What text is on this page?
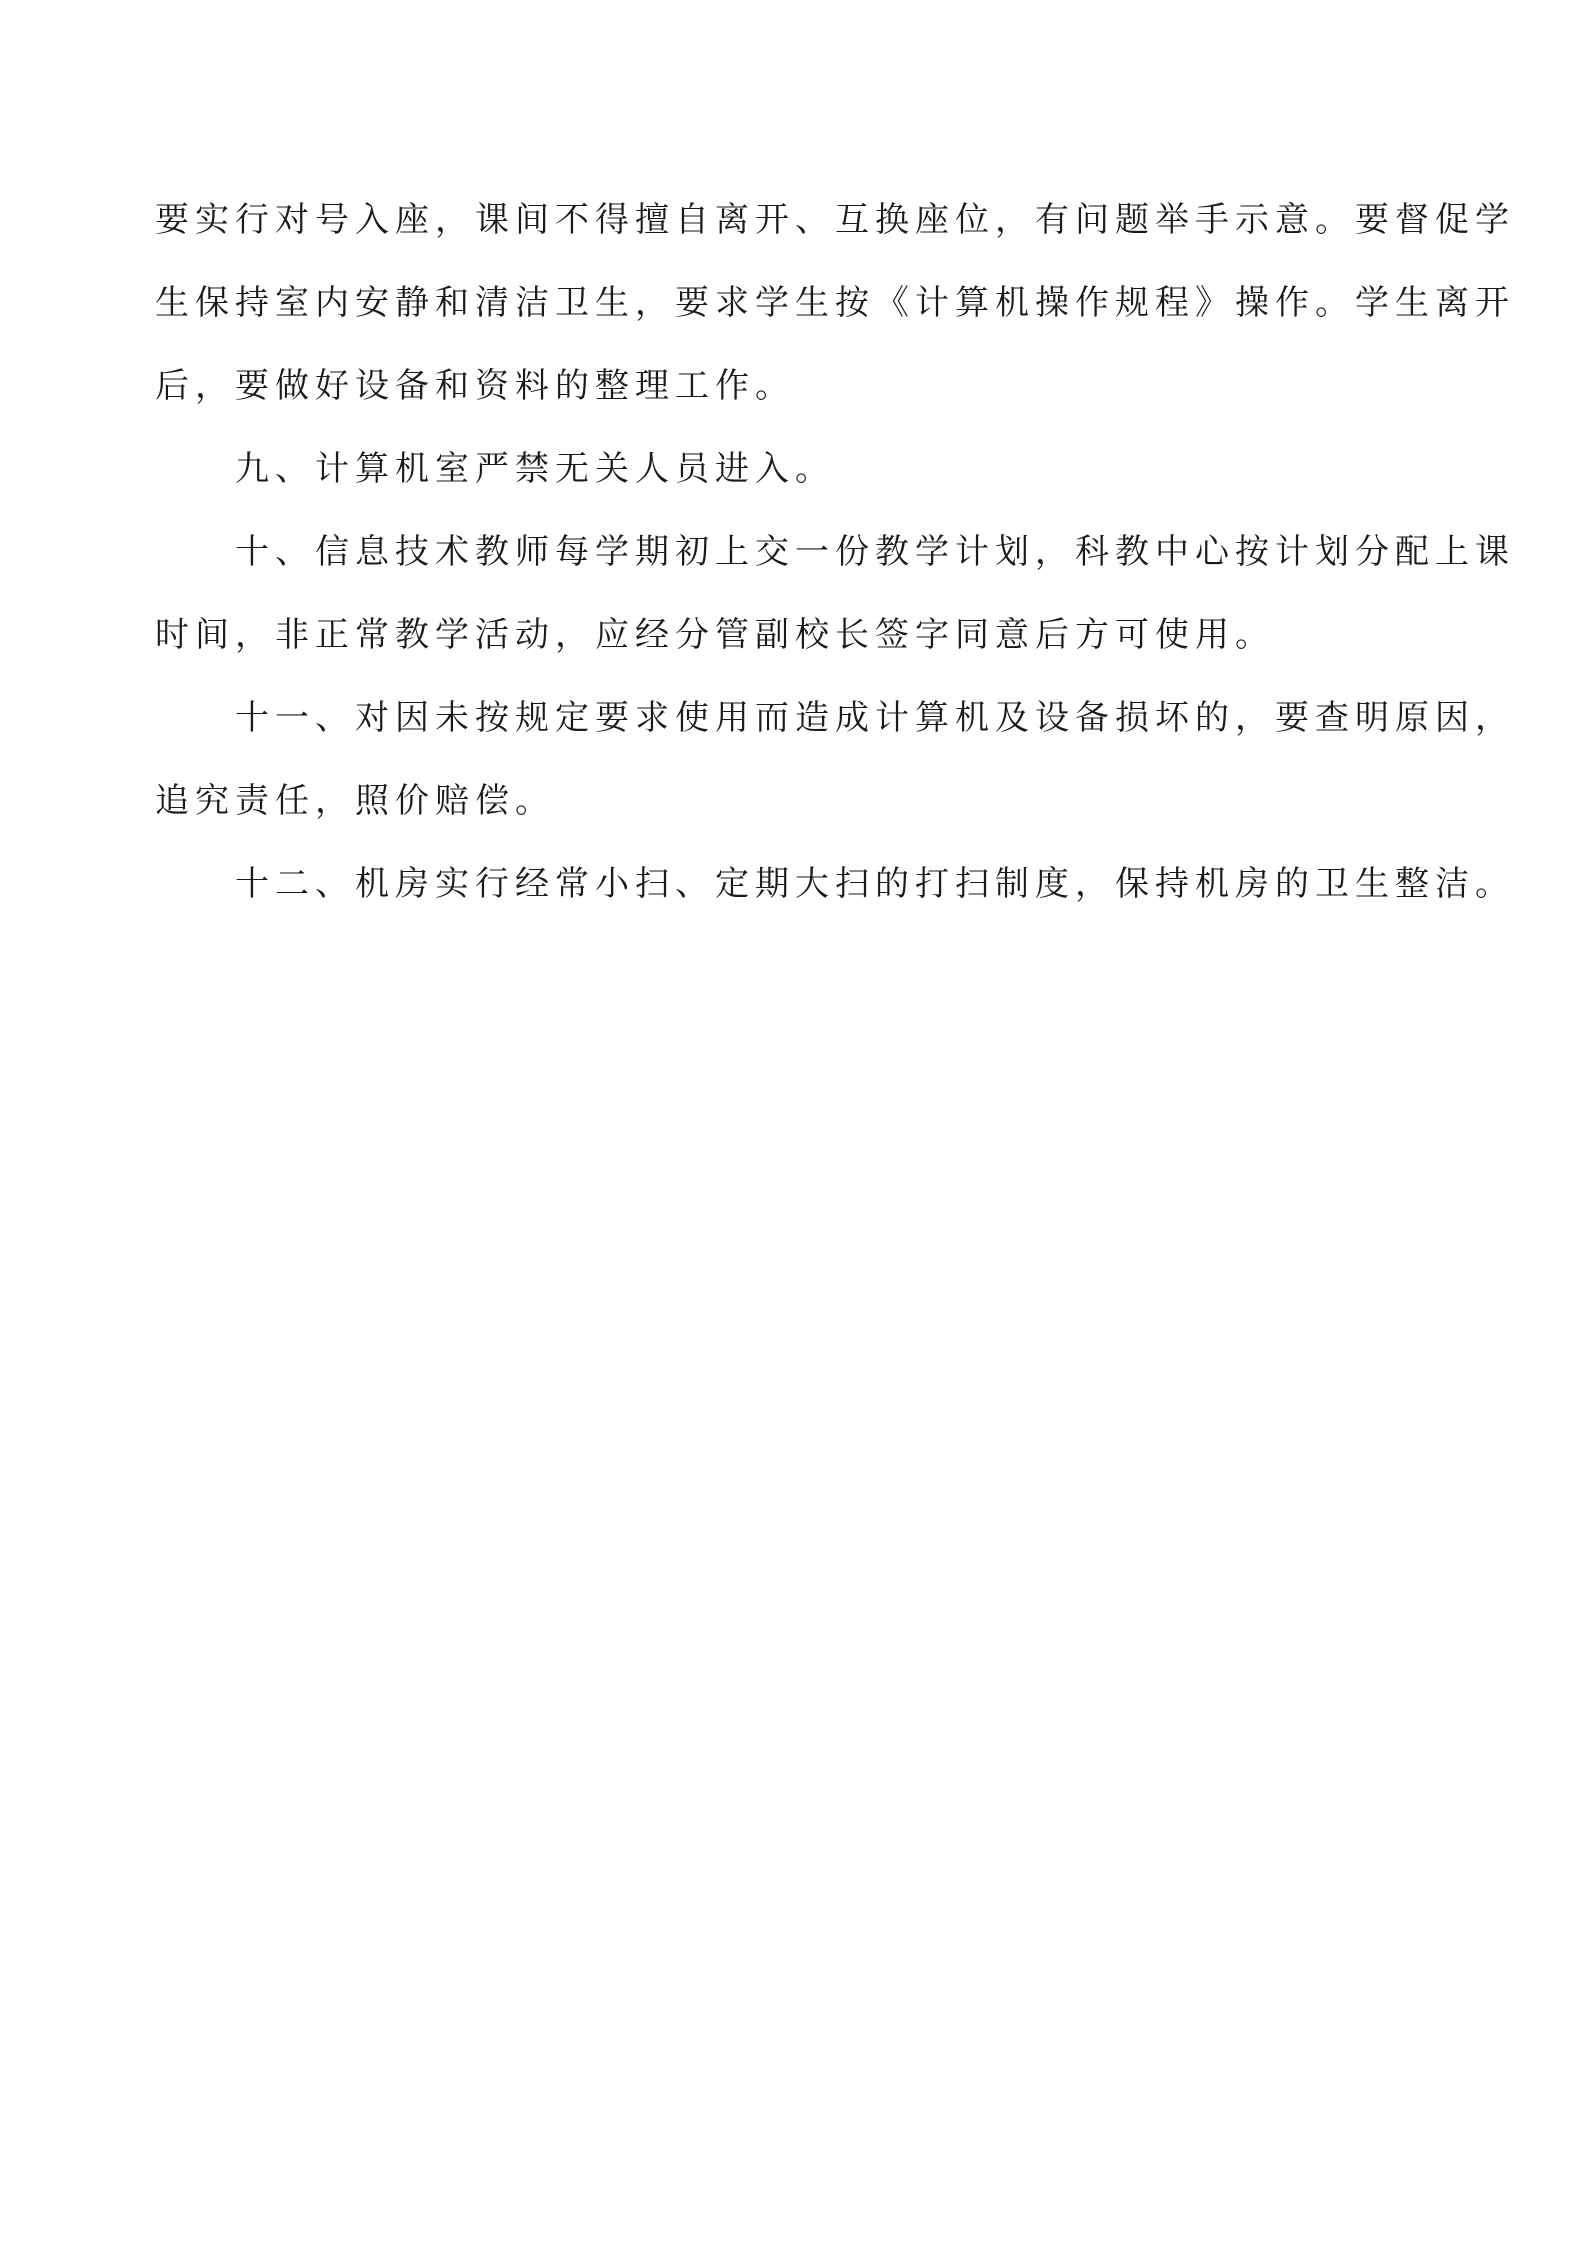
要实行对号入座，课间不得擅自离开、互换座位，有问题举手示意。要督促学
生保持室内安静和清洁卫生，要求学生按《计算机操作规程》操作。学生离开
后，要做好设备和资料的整理工作。
　　九、计算机室严禁无关人员进入。
　　十、信息技术教师每学期初上交一份教学计划，科教中心按计划分配上课
时间，非正常教学活动，应经分管副校长签字同意后方可使用。
　　十一、对因未按规定要求使用而造成计算机及设备损坏的，要查明原因，
追究责任，照价赔偿。
　　十二、机房实行经常小扫、定期大扫的打扫制度，保持机房的卫生整洁。
